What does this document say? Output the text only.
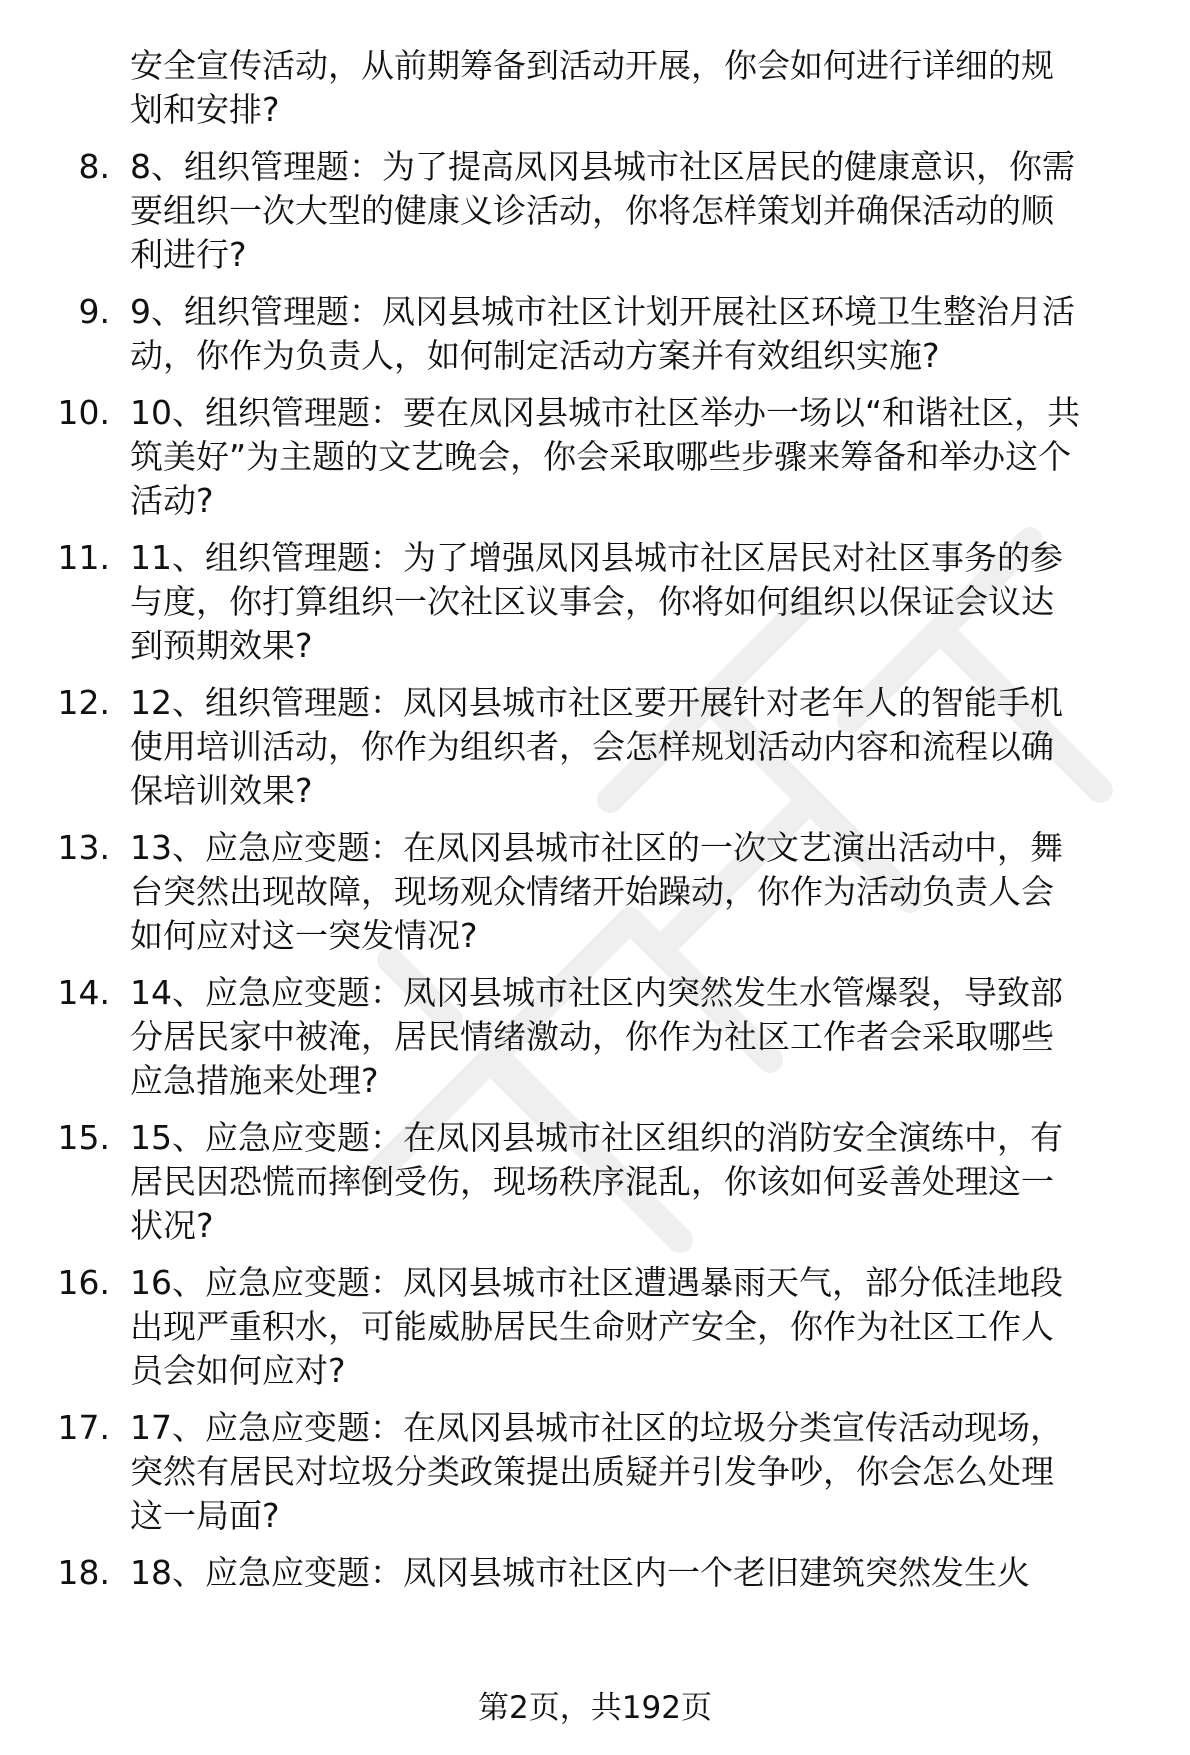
安全宣传活动，从前期筹备到活动开展，你会如何进行详细的规
划和安排?
8. 8、组织管理题：为了提高凤冈县城市社区居民的健康意识，你需
要组织一次大型的健康义诊活动，你将怎样策划并确保活动的顺
利进行?
9. 9、组织管理题：凤冈县城市社区计划开展社区环境卫生整治月活
动，你作为负责人，如何制定活动方案并有效组织实施?
10. 10、组织管理题：要在凤冈县城市社区举办一场以“和谐社区，共
筑美好”为主题的文艺晚会，你会采取哪些步骤来筹备和举办这个
活动?
11. 11、组织管理题：为了增强凤冈县城市社区居民对社区事务的参
与度，你打算组织一次社区议事会，你将如何组织以保证会议达
到预期效果?
12. 12、组织管理题：凤冈县城市社区要开展针对老年人的智能手机
使用培训活动，你作为组织者，会怎样规划活动内容和流程以确
保培训效果?
13. 13、应急应变题：在凤冈县城市社区的一次文艺演出活动中，舞
台突然出现故障，现场观众情绪开始躁动，你作为活动负责人会
如何应对这一突发情况?
14. 14、应急应变题：凤冈县城市社区内突然发生水管爆裂，导致部
分居民家中被淹，居民情绪激动，你作为社区工作者会采取哪些
应急措施来处理?
15. 15、应急应变题：在凤冈县城市社区组织的消防安全演练中，有
居民因恐慌而摔倒受伤，现场秩序混乱，你该如何妥善处理这一
状况?
16. 16、应急应变题：凤冈县城市社区遭遇暴雨天气，部分低洼地段
出现严重积水，可能威胁居民生命财产安全，你作为社区工作人
员会如何应对?
17. 17、应急应变题：在凤冈县城市社区的垃圾分类宣传活动现场，
突然有居民对垃圾分类政策提出质疑并引发争吵，你会怎么处理
这一局面?
18. 18、应急应变题：凤冈县城市社区内一个老旧建筑突然发生火
第2页，共192页
